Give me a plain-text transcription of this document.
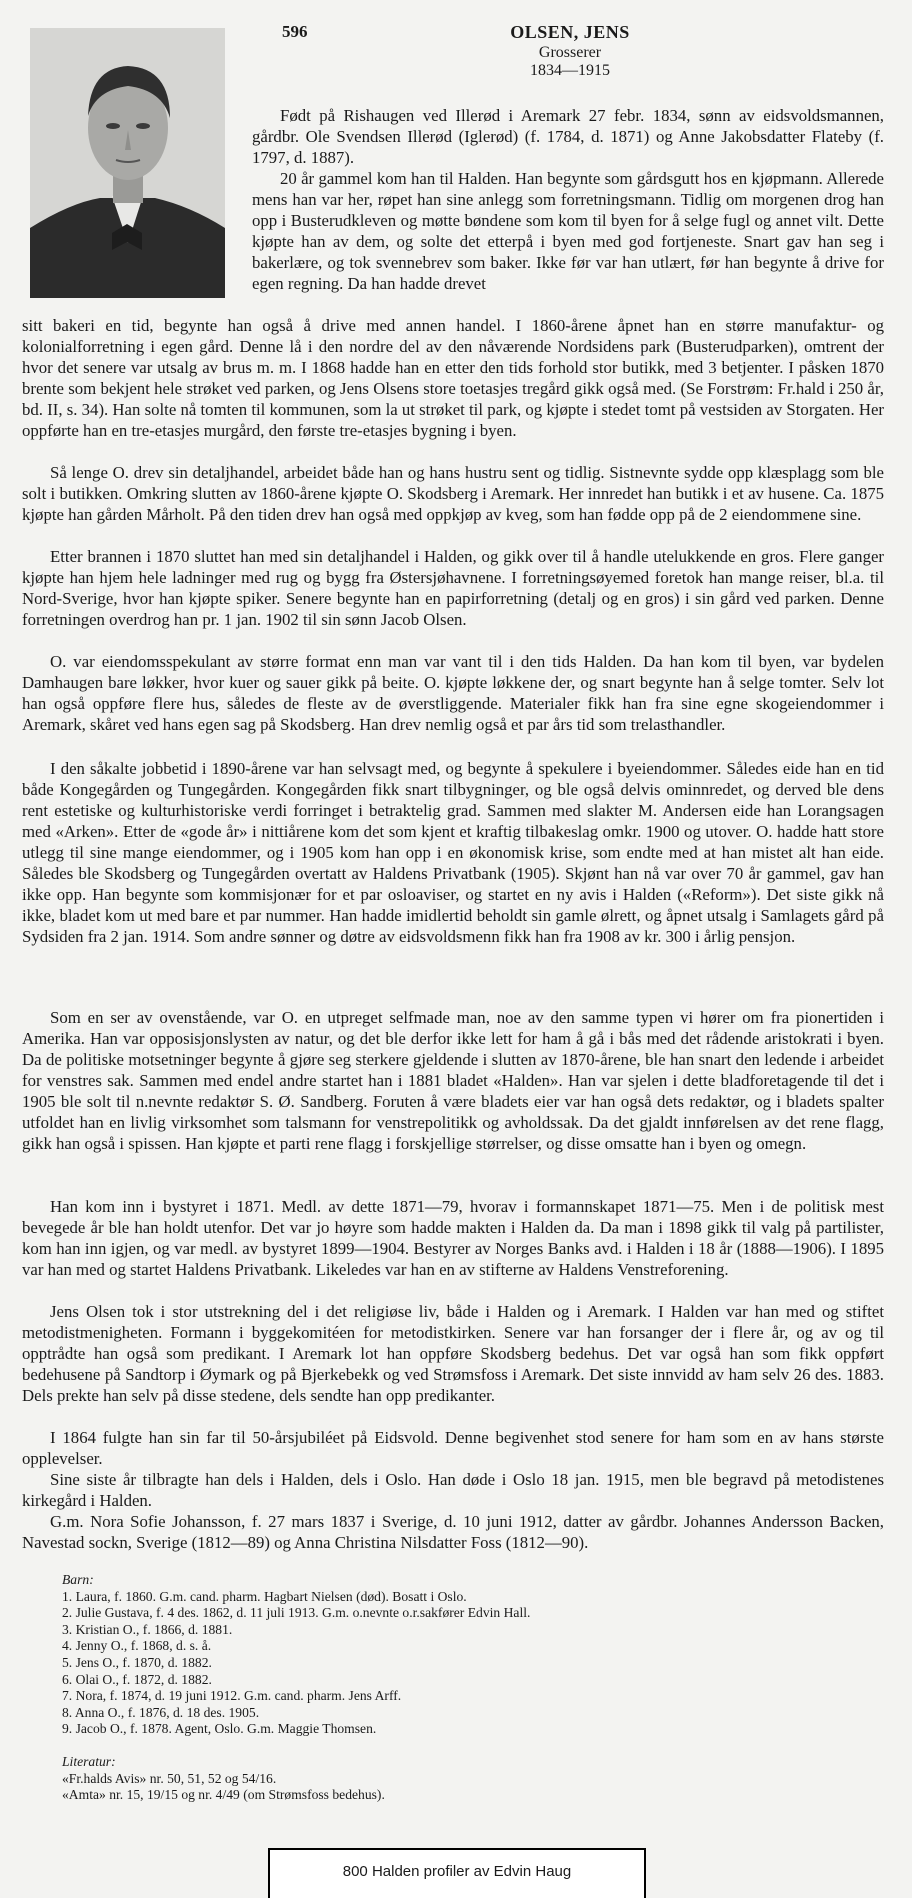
596	OLSEN, JENS
Grosserer
1834—1915

Født på Rishaugen ved Illerød i Aremark 27 febr. 1834, sønn av eidsvoldsmannen, gårdbr. Ole Svendsen Illerød (Iglerød) (f. 1784, d. 1871) og Anne Jakobsdatter Flateby (f. 1797, d. 1887).

20 år gammel kom han til Halden. Han begynte som gårdsgutt hos en kjøpmann. Allerede mens han var her, røpet han sine anlegg som forretningsmann. Tidlig om morgenen drog han opp i Busterudkleven og møtte bøndene som kom til byen for å selge fugl og annet vilt. Dette kjøpte han av dem, og solte det etterpå i byen med god fortjeneste. Snart gav han seg i bakerlære, og tok svennebrev som baker. Ikke før var han utlært, før han begynte å drive for egen regning. Da han hadde drevet

sitt bakeri en tid, begynte han også å drive med annen handel. I 1860-årene åpnet han en større manufaktur- og kolonialforretning i egen gård. Denne lå i den nordre del av den nåværende Nordsidens park (Busterudparken), omtrent der hvor det senere var utsalg av brus m. m. I 1868 hadde han en etter den tids forhold stor butikk, med 3 betjenter. I påsken 1870 brente som bekjent hele strøket ved parken, og Jens Olsens store toetasjes tregård gikk også med. (Se Forstrøm: Fr.hald i 250 år, bd. II, s. 34). Han solte nå tomten til kommunen, som la ut strøket til park, og kjøpte i stedet tomt på vestsiden av Storgaten. Her oppførte han en tre-etasjes murgård, den første tre-etasjes bygning i byen.

Så lenge O. drev sin detaljhandel, arbeidet både han og hans hustru sent og tidlig. Sistnevnte sydde opp klæsplagg som ble solt i butikken. Omkring slutten av 1860-årene kjøpte O. Skodsberg i Aremark. Her innredet han butikk i et av husene. Ca. 1875 kjøpte han gården Mårholt. På den tiden drev han også med oppkjøp av kveg, som han fødde opp på de 2 eiendommene sine.

Etter brannen i 1870 sluttet han med sin detaljhandel i Halden, og gikk over til å handle utelukkende en gros. Flere ganger kjøpte han hjem hele ladninger med rug og bygg fra Østersjøhavnene. I forretningsøyemed foretok han mange reiser, bl.a. til Nord-Sverige, hvor han kjøpte spiker. Senere begynte han en papirforretning (detalj og en gros) i sin gård ved parken. Denne forretningen overdrog han pr. 1 jan. 1902 til sin sønn Jacob Olsen.

O. var eiendomsspekulant av større format enn man var vant til i den tids Halden. Da han kom til byen, var bydelen Damhaugen bare løkker, hvor kuer og sauer gikk på beite. O. kjøpte løkkene der, og snart begynte han å selge tomter. Selv lot han også oppføre flere hus, således de fleste av de øverstliggende. Materialer fikk han fra sine egne skogeiendommer i Aremark, skåret ved hans egen sag på Skodsberg. Han drev nemlig også et par års tid som trelasthandler.

I den såkalte jobbetid i 1890-årene var han selvsagt med, og begynte å spekulere i byeiendommer. Således eide han en tid både Kongegården og Tungegården. Kongegården fikk snart tilbygninger, og ble også delvis ominnredet, og derved ble dens rent estetiske og kulturhistoriske verdi forringet i betraktelig grad. Sammen med slakter M. Andersen eide han Lorangsagen med «Arken». Etter de «gode år» i nittiårene kom det som kjent et kraftig tilbakeslag omkr. 1900 og utover. O. hadde hatt store utlegg til sine mange eiendommer, og i 1905 kom han opp i en økonomisk krise, som endte med at han mistet alt han eide. Således ble Skodsberg og Tungegården overtatt av Haldens Privatbank (1905). Skjønt han nå var over 70 år gammel, gav han ikke opp. Han begynte som kommisjonær for et par osloaviser, og startet en ny avis i Halden («Reform»). Det siste gikk nå ikke, bladet kom ut med bare et par nummer. Han hadde imidlertid beholdt sin gamle ølrett, og åpnet utsalg i Samlagets gård på Sydsiden fra 2 jan. 1914. Som andre sønner og døtre av eidsvoldsmenn fikk han fra 1908 av kr. 300 i årlig pensjon.

Som en ser av ovenstående, var O. en utpreget selfmade man, noe av den samme typen vi hører om fra pionertiden i Amerika. Han var opposisjonslysten av natur, og det ble derfor ikke lett for ham å gå i bås med det rådende aristokrati i byen. Da de politiske motsetninger begynte å gjøre seg sterkere gjeldende i slutten av 1870-årene, ble han snart den ledende i arbeidet for venstres sak. Sammen med endel andre startet han i 1881 bladet «Halden». Han var sjelen i dette bladforetagende til det i 1905 ble solt til n.nevnte redaktør S. Ø. Sandberg. Foruten å være bladets eier var han også dets redaktør, og i bladets spalter utfoldet han en livlig virksomhet som talsmann for venstrepolitikk og avholdssak. Da det gjaldt innførelsen av det rene flagg, gikk han også i spissen. Han kjøpte et parti rene flagg i forskjellige størrelser, og disse omsatte han i byen og omegn.

Han kom inn i bystyret i 1871. Medl. av dette 1871—79, hvorav i formannskapet 1871—75. Men i de politisk mest bevegede år ble han holdt utenfor. Det var jo høyre som hadde makten i Halden da. Da man i 1898 gikk til valg på partilister, kom han inn igjen, og var medl. av bystyret 1899—1904. Bestyrer av Norges Banks avd. i Halden i 18 år (1888—1906). I 1895 var han med og startet Haldens Privatbank. Likeledes var han en av stifterne av Haldens Venstreforening.

Jens Olsen tok i stor utstrekning del i det religiøse liv, både i Halden og i Aremark. I Halden var han med og stiftet metodistmenigheten. Formann i byggekomitéen for metodistkirken. Senere var han forsanger der i flere år, og av og til opptrådte han også som predikant. I Aremark lot han oppføre Skodsberg bedehus. Det var også han som fikk oppført bedehusene på Sandtorp i Øymark og på Bjerkebekk og ved Strømsfoss i Aremark. Det siste innvidd av ham selv 26 des. 1883. Dels prekte han selv på disse stedene, dels sendte han opp predikanter.

I 1864 fulgte han sin far til 50-årsjubiléet på Eidsvold. Denne begivenhet stod senere for ham som en av hans største opplevelser.

Sine siste år tilbragte han dels i Halden, dels i Oslo. Han døde i Oslo 18 jan. 1915, men ble begravd på metodistenes kirkegård i Halden.

G.m. Nora Sofie Johansson, f. 27 mars 1837 i Sverige, d. 10 juni 1912, datter av gårdbr. Johannes Andersson Backen, Navestad sockn, Sverige (1812—89) og Anna Christina Nilsdatter Foss (1812—90).

Barn:
1. Laura, f. 1860. G.m. cand. pharm. Hagbart Nielsen (død). Bosatt i Oslo.
2. Julie Gustava, f. 4 des. 1862, d. 11 juli 1913. G.m. o.nevnte o.r.sakfører Edvin Hall.
3. Kristian O., f. 1866, d. 1881.
4. Jenny O., f. 1868, d. s. å.
5. Jens O., f. 1870, d. 1882.
6. Olai O., f. 1872, d. 1882.
7. Nora, f. 1874, d. 19 juni 1912. G.m. cand. pharm. Jens Arff.
8. Anna O., f. 1876, d. 18 des. 1905.
9. Jacob O., f. 1878. Agent, Oslo. G.m. Maggie Thomsen.
Literatur:
«Fr.halds Avis» nr. 50, 51, 52 og 54/16.
«Amta» nr. 15, 19/15 og nr. 4/49 (om Strømsfoss bedehus).
800 Halden profiler av Edvin Haug
